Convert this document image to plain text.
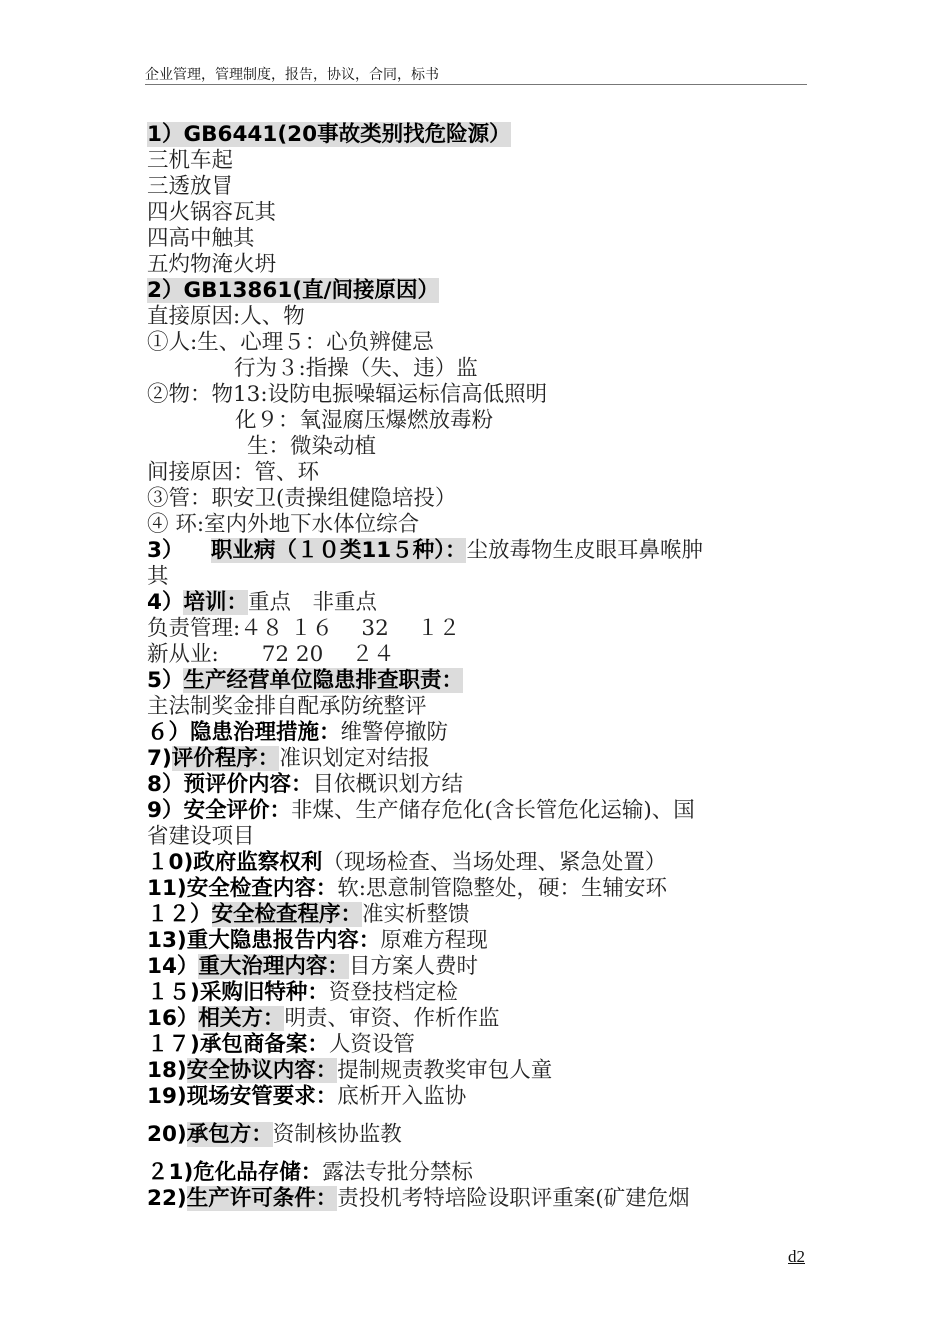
企业管理，管理制度，报告，协议，合同，标书
1）GB6441(20事故类别找危险源）
三机车起
三透放冒
四火锅容瓦其
四高中触其
五灼物淹火坍
2）GB13861(直/间接原因）
直接原因:人、物
①人:生、心理５：心负辨健忌
行为３:指操（失、违）监
②物：物13:设防电振噪辐运标信高低照明
化９：氧湿腐压爆燃放毒粉
生：微染动植
间接原因：管、环
③管：职安卫(责操组健隐培投）
④ 环:室内外地下水体位综合
3） 职业病（１０类11５种）：尘放毒物生皮眼耳鼻喉肿
其
4）培训：重点　非重点
负责管理:４８ １６　 32　 １２
新从业:　　72 20　 ２４
5）生产经营单位隐患排查职责：
主法制奖金排自配承防统整评
６）隐患治理措施：维警停撤防
7)评价程序：准识划定对结报
8）预评价内容：目依概识划方结
9）安全评价：非煤、生产储存危化(含长管危化运输)、国
省建设项目
１0)政府监察权利（现场检查、当场处理、紧急处置）
11)安全检查内容：软:思意制管隐整处，硬：生辅安环
１２）安全检查程序：准实析整馈
13)重大隐患报告内容：原难方程现
14）重大治理内容：目方案人费时
１５)采购旧特种：资登技档定检
16）相关方：明责、审资、作析作监
１７)承包商备案：人资设管
18)安全协议内容：提制规责教奖审包人童
19)现场安管要求：底析开入监协
20)承包方：资制核协监教
２1)危化品存储：露法专批分禁标
22)生产许可条件：责投机考特培险设职评重案(矿建危烟
d2
